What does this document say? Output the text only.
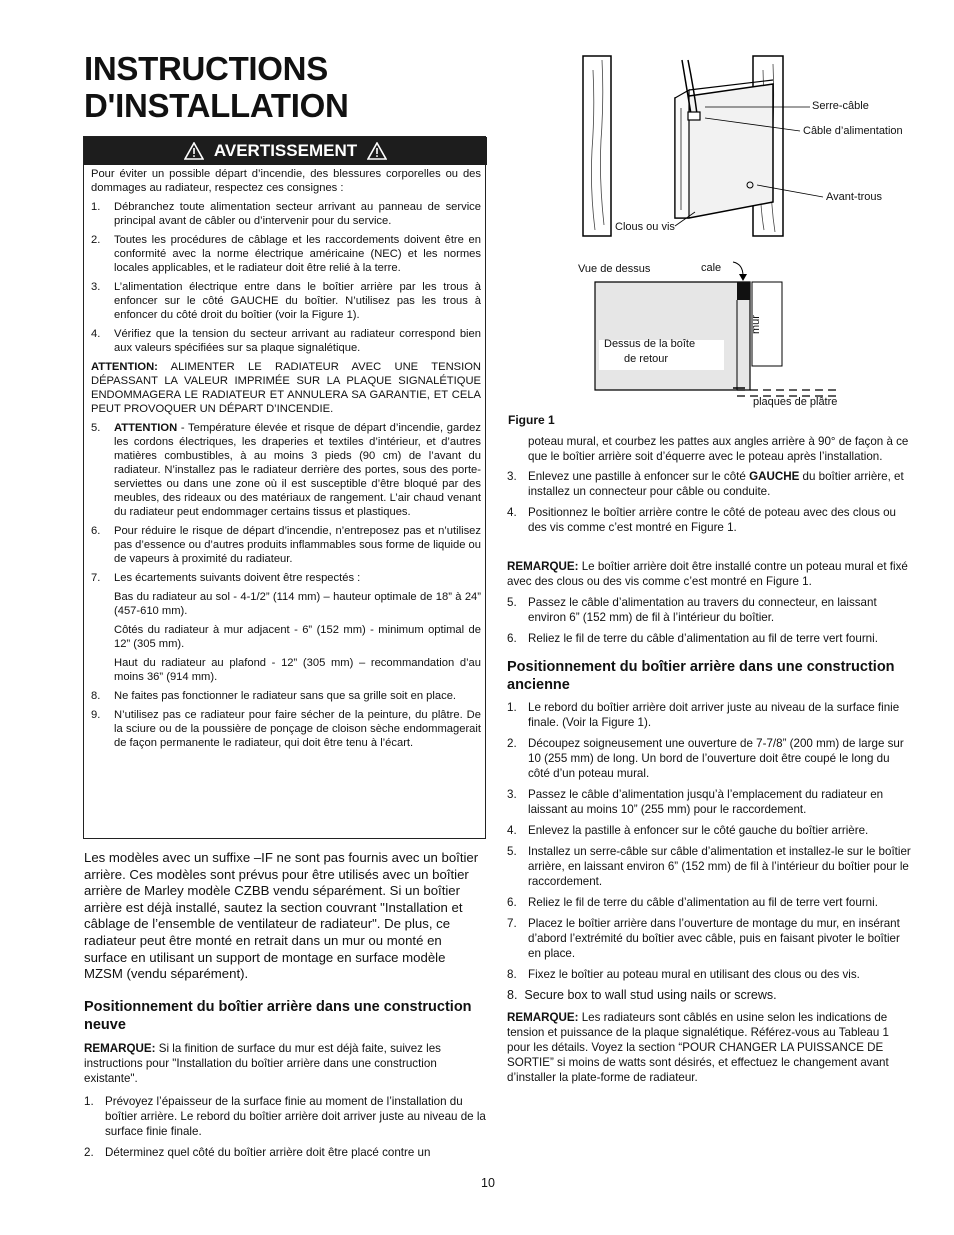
INSTRUCTIONS
D'INSTALLATION
AVERTISSEMENT

Pour éviter un possible départ d’incendie, des blessures corporelles ou des dommages au radiateur, respectez ces consignes :

1. Débranchez toute alimentation secteur arrivant au panneau de service principal avant de câbler ou d’intervenir pour du service.
2. Toutes les procédures de câblage et les raccordements doivent être en conformité avec la norme électrique américaine (NEC) et les normes locales applicables, et le radiateur doit être relié à la terre.
3. L’alimentation électrique entre dans le boîtier arrière par les trous à enfoncer sur le côté GAUCHE du boîtier. N’utilisez pas les trous à enfoncer du côté droit du boîtier (voir la Figure 1).
4. Vérifiez que la tension du secteur arrivant au radiateur correspond bien aux valeurs spécifiées sur sa plaque signalétique.

ATTENTION: ALIMENTER LE RADIATEUR AVEC UNE TENSION DÉPASSANT LA VALEUR IMPRIMÉE SUR LA PLAQUE SIGNALÉTIQUE ENDOMMAGERA LE RADIATEUR ET ANNULERA SA GARANTIE, ET CELA PEUT PROVOQUER UN DÉPART D’INCENDIE.

5. ATTENTION - Température élevée et risque de départ d’incendie, gardez les cordons électriques, les draperies et textiles d’intérieur, et d’autres matières combustibles, à au moins 3 pieds (90 cm) de l’avant du radiateur. N’installez pas le radiateur derrière des portes, sous des porte-serviettes ou dans une zone où il est susceptible d’être bloqué par des meubles, des rideaux ou des matériaux de rangement. L’air chaud venant du radiateur peut endommager certains tissus et plastiques.
6. Pour réduire le risque de départ d’incendie, n’entreposez pas et n’utilisez pas d’essence ou d’autres produits inflammables sous forme de liquide ou de vapeurs à proximité du radiateur.
7. Les écartements suivants doivent être respectés :

Bas du radiateur au sol - 4-1/2” (114 mm) – hauteur optimale de 18” à 24” (457-610 mm).

Côtés du radiateur à mur adjacent - 6” (152 mm) - minimum optimal de 12” (305 mm).

Haut du radiateur au plafond - 12” (305 mm) – recommandation d’au moins 36” (914 mm).

8. Ne faites pas fonctionner le radiateur sans que sa grille soit en place.
9. N’utilisez pas ce radiateur pour faire sécher de la peinture, du plâtre. De la sciure ou de la poussière de ponçage de cloison sèche endommagerait de façon permanente le radiateur, qui doit être tenu à l’écart.
Les modèles avec un suffixe –IF ne sont pas fournis avec un boîtier arrière. Ces modèles sont prévus pour être utilisés avec un boîtier arrière de Marley modèle CZBB vendu séparément. Si un boîtier arrière est déjà installé, sautez la section couvrant "Installation et câblage de l’ensemble de ventilateur de radiateur". De plus, ce radiateur peut être monté en retrait dans un mur ou monté en surface en utilisant un support de montage en surface modèle MZSM (vendu séparément).
Positionnement du boîtier arrière dans une construction neuve
REMARQUE: Si la finition de surface du mur est déjà faite, suivez les instructions pour "Installation du boîtier arrière dans une construction existante".
1. Prévoyez l’épaisseur de la surface finie au moment de l’installation du boîtier arrière. Le rebord du boîtier arrière doit arriver juste au niveau de la surface finie finale.
2. Déterminez quel côté du boîtier arrière doit être placé contre un
Serre-câble
Câble d’alimentation
Avant-trous
Clous ou vis
Vue de dessus	cale
Dessus de la boîte
de retour
mur
plaques de plâtre
Figure 1
poteau mural, et courbez les pattes aux angles arrière à 90° de façon à ce que le boîtier arrière soit d’équerre avec le poteau après l’installation.
3. Enlevez une pastille à enfoncer sur le côté GAUCHE du boîtier arrière, et installez un connecteur pour câble ou conduite.
4. Positionnez le boîtier arrière contre le côté de poteau avec des clous ou des vis comme c’est montré en Figure 1.
REMARQUE: Le boîtier arrière doit être installé contre un poteau mural et fixé avec des clous ou des vis comme c’est montré en Figure 1.
5. Passez le câble d’alimentation au travers du connecteur, en laissant environ 6” (152 mm) de fil à l’intérieur du boîtier.
6. Reliez le fil de terre du câble d’alimentation au fil de terre vert fourni.
Positionnement du boîtier arrière dans une construction ancienne
1. Le rebord du boîtier arrière doit arriver juste au niveau de la surface finie finale. (Voir la Figure 1).
2. Découpez soigneusement une ouverture de 7-7/8” (200 mm) de large sur 10 (255 mm) de long. Un bord de l’ouverture doit être coupé le long du côté d’un poteau mural.
3. Passez le câble d’alimentation jusqu’à l’emplacement du radiateur en laissant au moins 10” (255 mm) pour le raccordement.
4. Enlevez la pastille à enfoncer sur le côté gauche du boîtier arrière.
5. Installez un serre-câble sur câble d’alimentation et installez-le sur le boîtier arrière, en laissant environ 6” (152 mm) de fil à l’intérieur du boîtier pour le raccordement.
6. Reliez le fil de terre du câble d’alimentation au fil de terre vert fourni.
7. Placez le boîtier arrière dans l’ouverture de montage du mur, en insérant d’abord l’extrémité du boîtier avec câble, puis en faisant pivoter le boîtier en place.
8. Fixez le boîtier au poteau mural en utilisant des clous ou des vis.
8.  Secure box to wall stud using nails or screws.
REMARQUE: Les radiateurs sont câblés en usine selon les indications de tension et puissance de la plaque signalétique. Référez-vous au Tableau 1 pour les détails. Voyez la section “POUR CHANGER LA PUISSANCE DE SORTIE” si moins de watts sont désirés, et effectuez le changement avant d’installer la plate-forme de radiateur.
10
